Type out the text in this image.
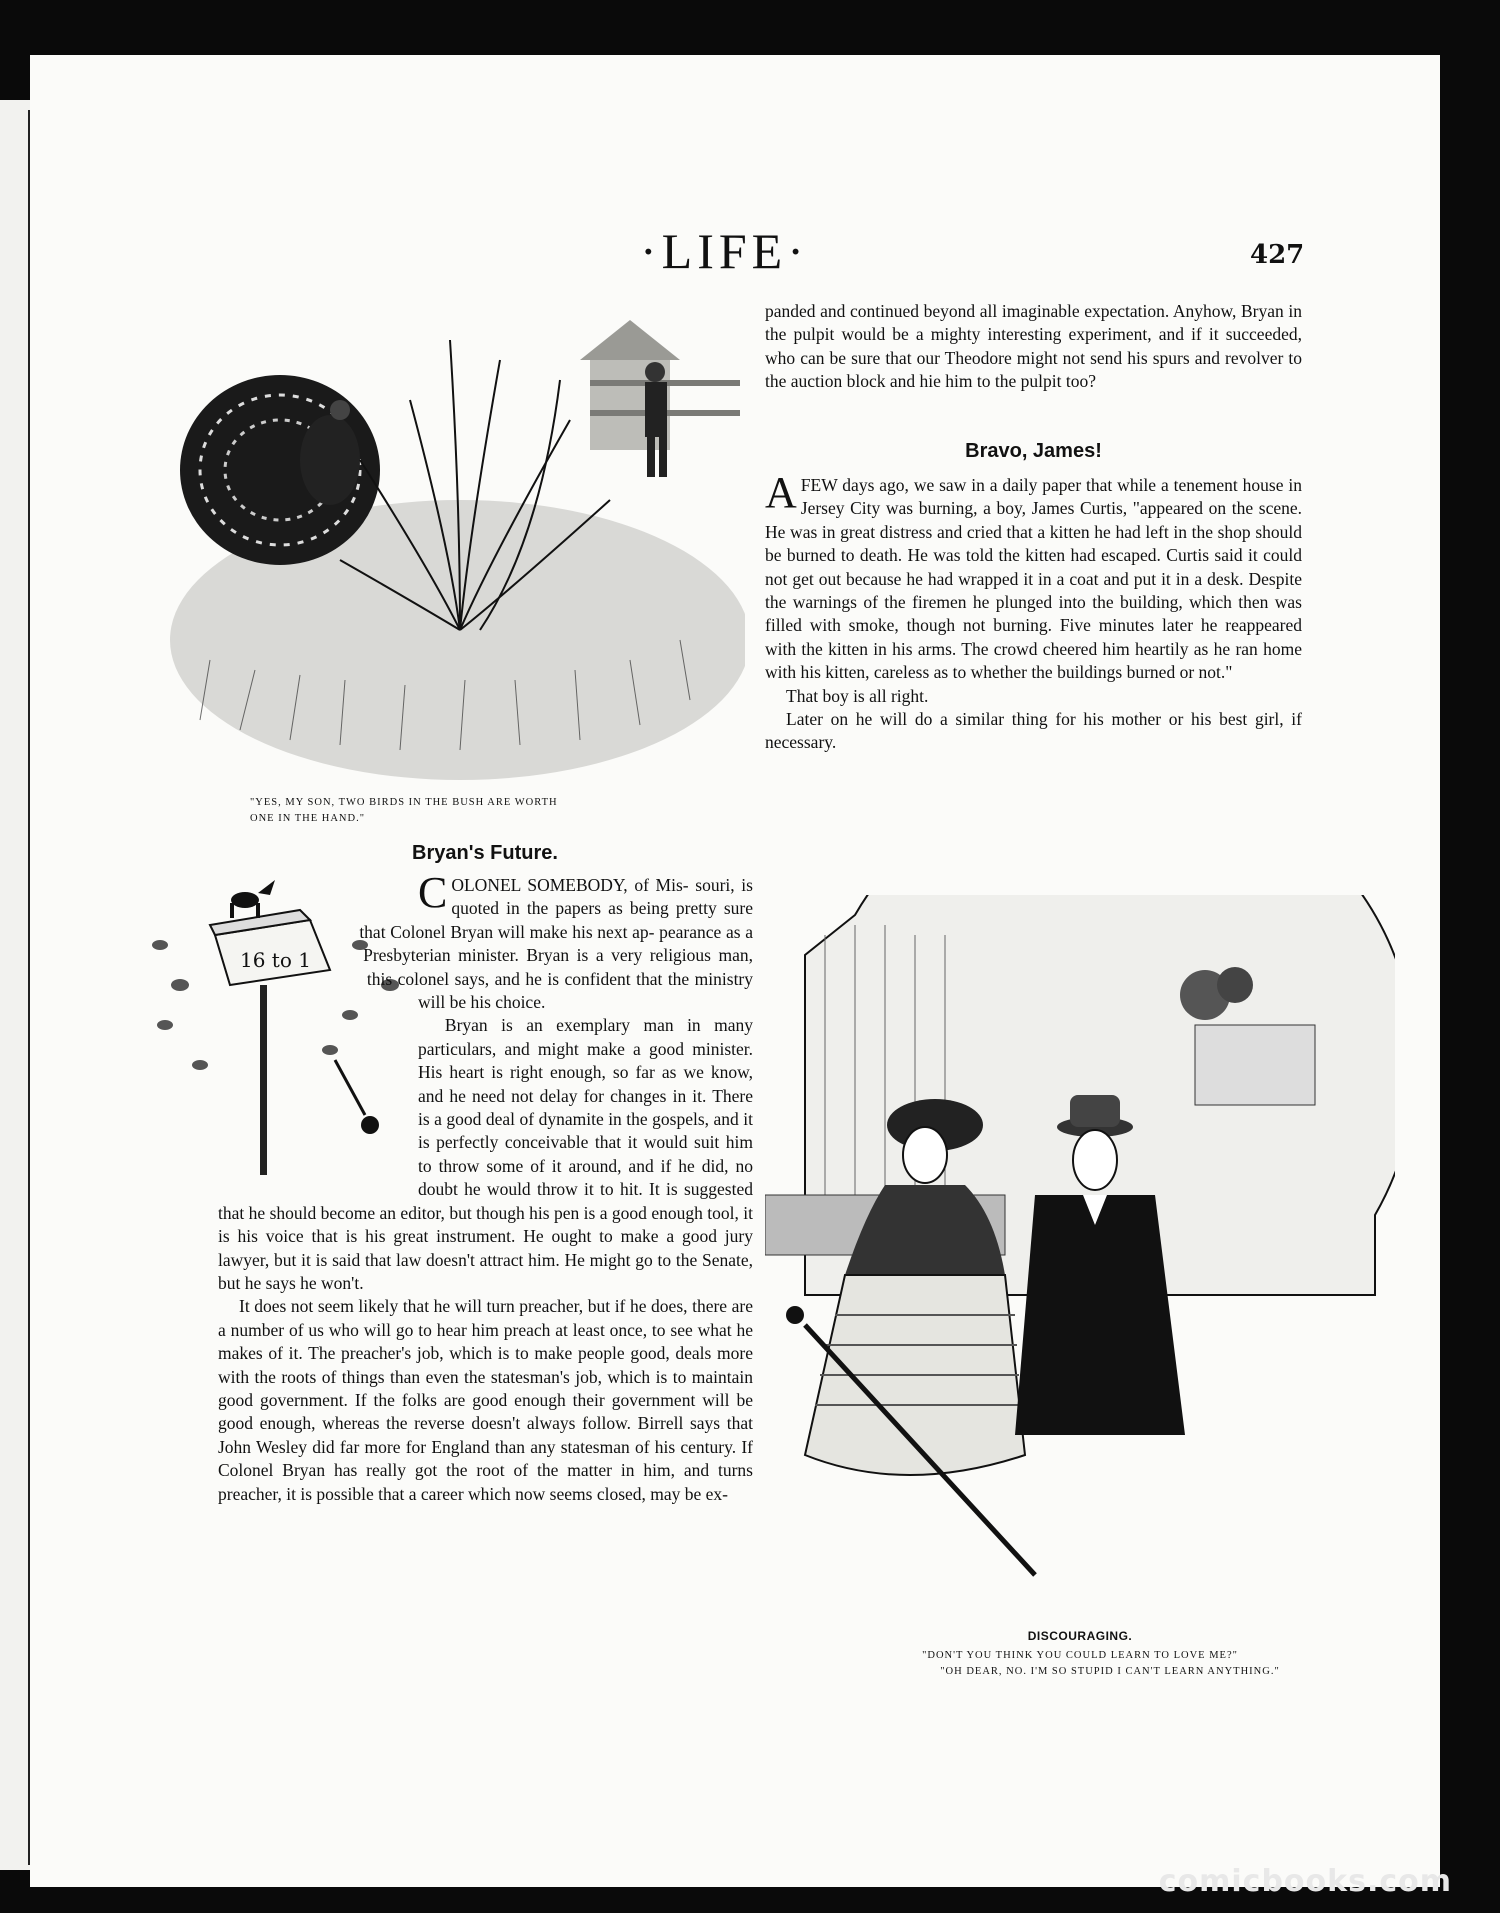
·LIFE·	427
"YES, MY SON, TWO BIRDS IN THE BUSH ARE WORTH
ONE IN THE HAND."
Bryan's Future.
16 to 1
C OLONEL SOMEBODY, of Mis- souri, is quoted in the papers as being pretty sure that Colonel Bryan will make his next ap- pearance as a Presbyterian minister. Bryan is a very religious man, this colonel says, and he is confident that the ministry will be his choice.
Bryan is an exemplary man in many particulars, and might make a good minister. His heart is right enough, so far as we know, and he need not delay for changes in it. There is a good deal of dynamite in the gospels, and it is perfectly conceivable that it would suit him to throw some of it around, and if he did, no doubt he would throw it to hit. It is suggested that he should become an editor, but though his pen is a good enough tool, it is his voice that is his great instrument. He ought to make a good jury lawyer, but it is said that law doesn't attract him. He might go to the Senate, but he says he won't.

It does not seem likely that he will turn preacher, but if he does, there are a number of us who will go to hear him preach at least once, to see what he makes of it. The preacher's job, which is to make people good, deals more with the roots of things than even the statesman's job, which is to maintain good government. If the folks are good enough their government will be good enough, whereas the reverse doesn't always follow. Birrell says that John Wesley did far more for England than any statesman of his century. If Colonel Bryan has really got the root of the matter in him, and turns preacher, it is possible that a career which now seems closed, may be ex-

panded and continued beyond all imaginable expectation. Anyhow, Bryan in the pulpit would be a mighty interesting experiment, and if it succeeded, who can be sure that our Theodore might not send his spurs and revolver to the auction block and hie him to the pulpit too?

Bravo, James!

A FEW days ago, we saw in a daily paper that while a tenement house in Jersey City was burning, a boy, James Curtis, "appeared on the scene. He was in great distress and cried that a kitten he had left in the shop should be burned to death. He was told the kitten had escaped. Curtis said it could not get out because he had wrapped it in a coat and put it in a desk. Despite the warnings of the firemen he plunged into the building, which then was filled with smoke, though not burning. Five minutes later he reappeared with the kitten in his arms. The crowd cheered him heartily as he ran home with his kitten, careless as to whether the buildings burned or not."

That boy is all right.

Later on he will do a similar thing for his mother or his best girl, if necessary.

DISCOURAGING.
"DON'T YOU THINK YOU COULD LEARN TO LOVE ME?"
"OH DEAR, NO. I'M SO STUPID I CAN'T LEARN ANYTHING."
comicbooks.com
